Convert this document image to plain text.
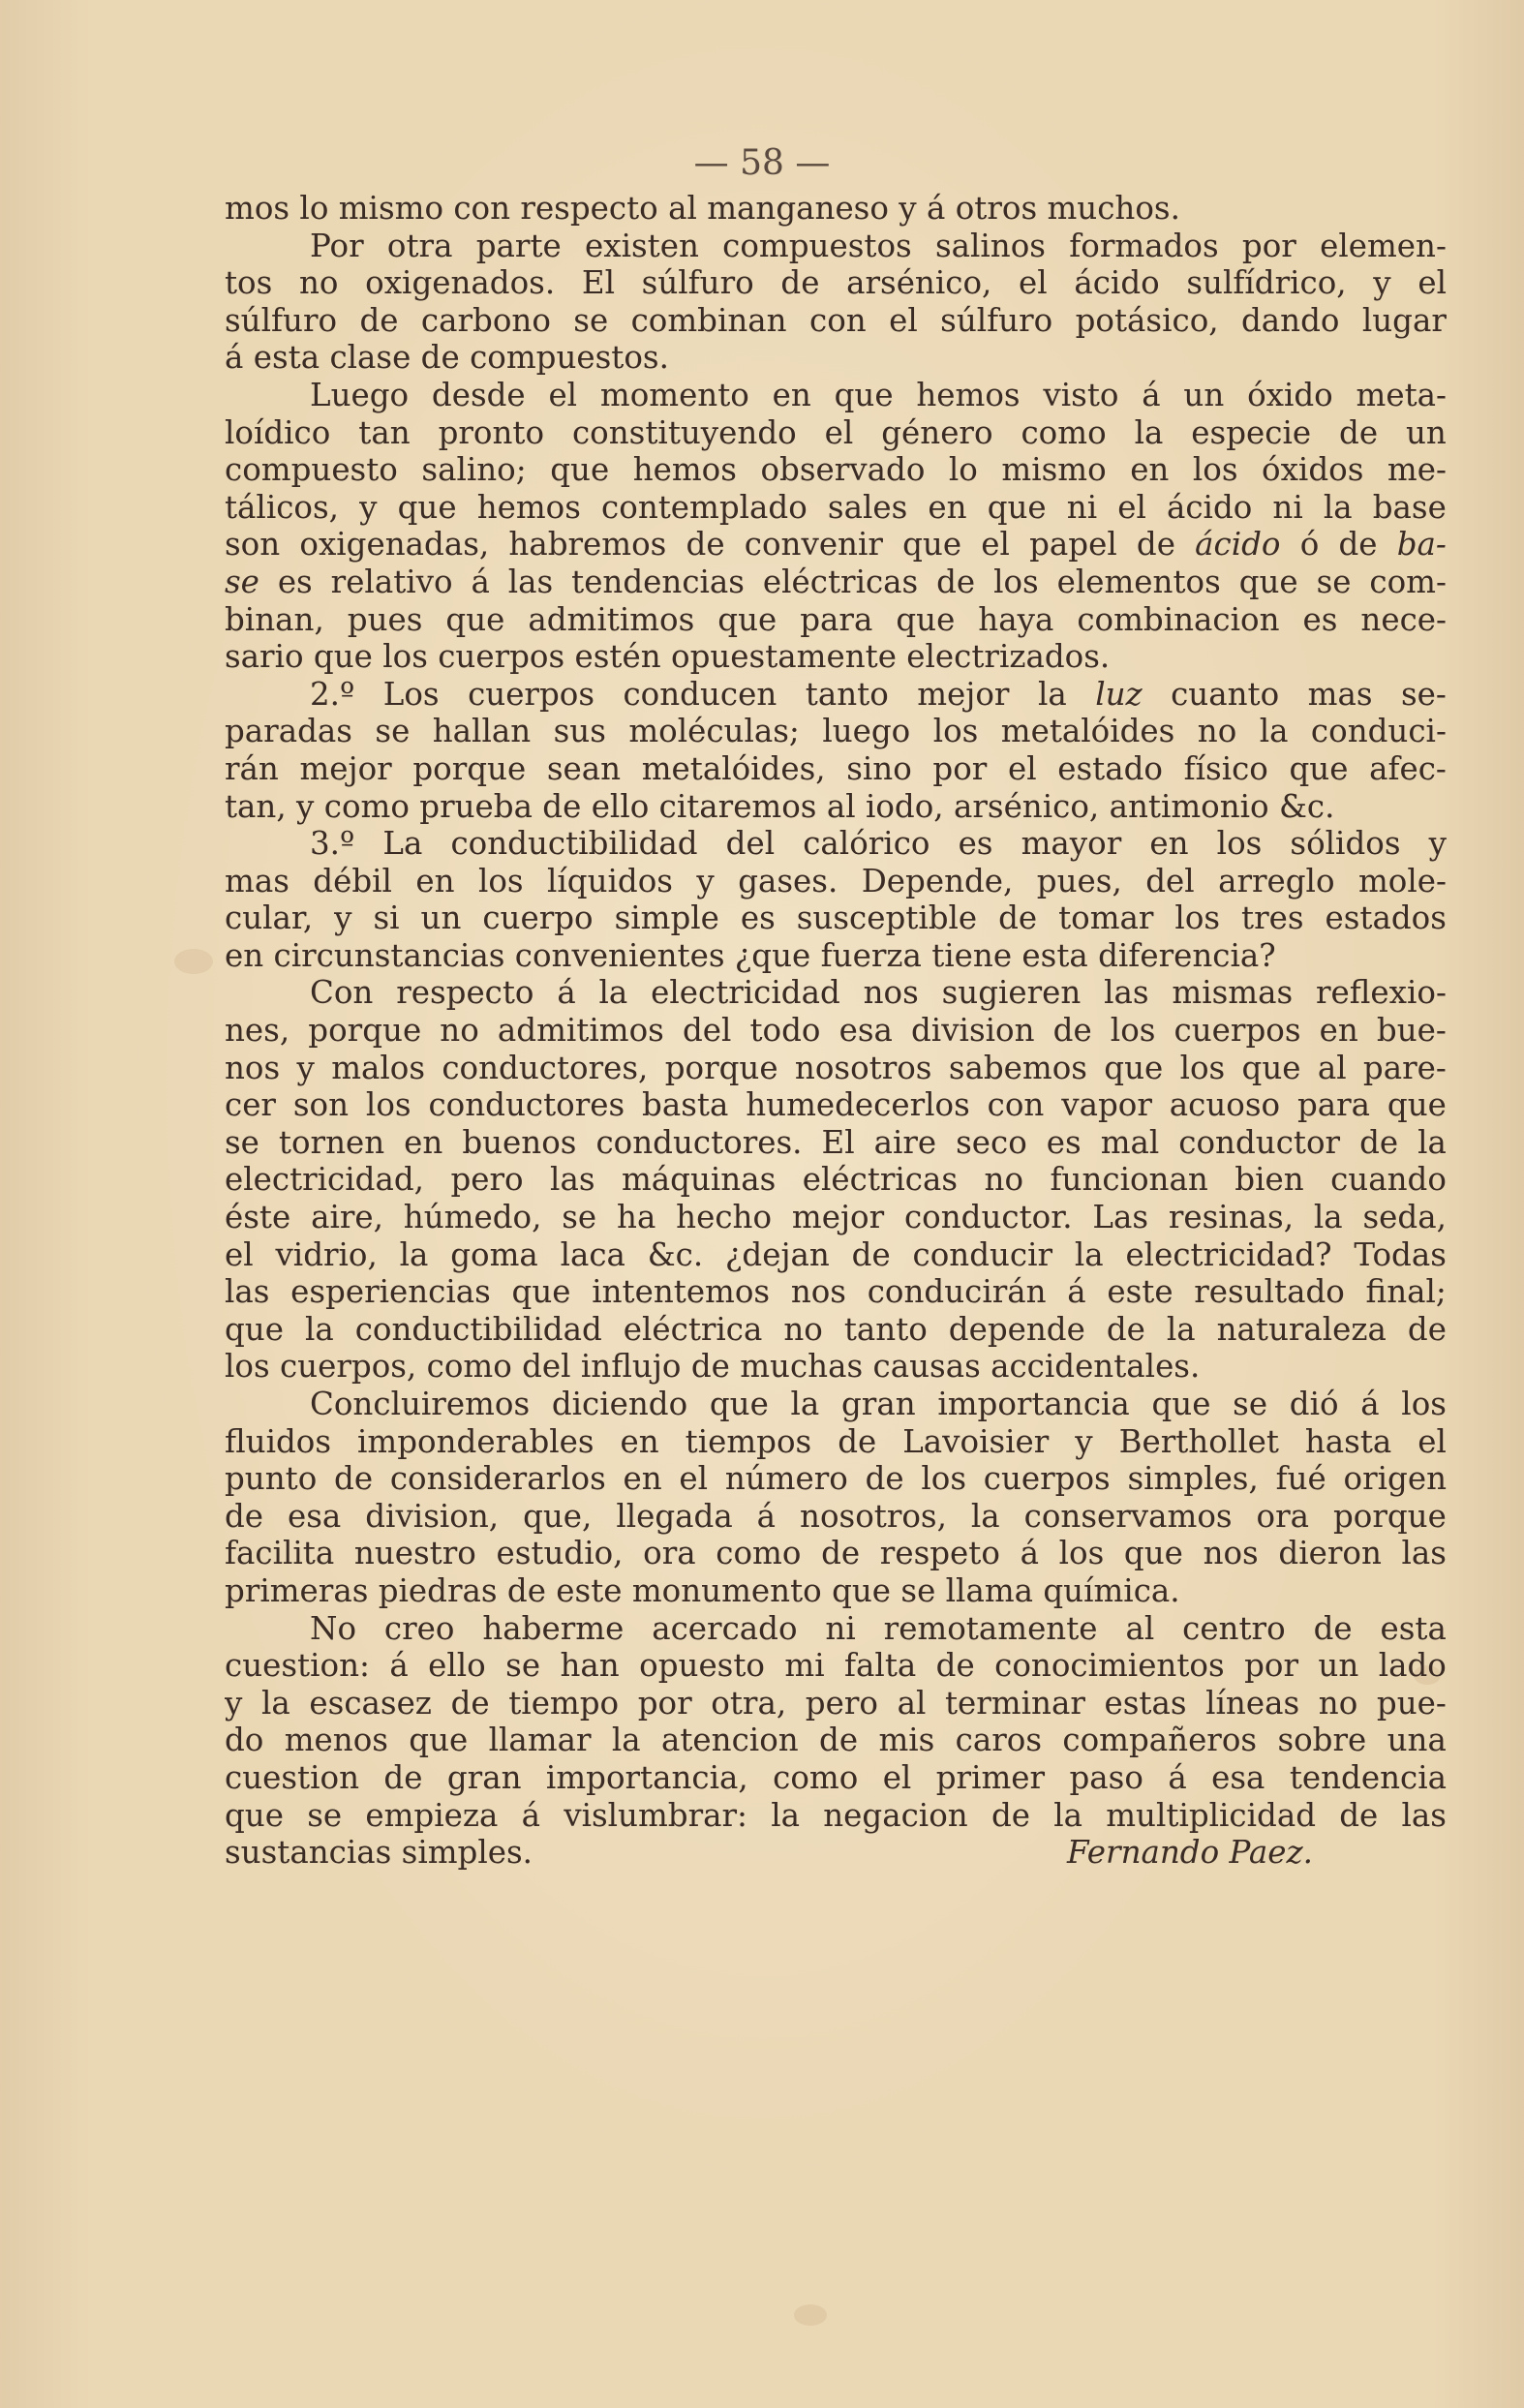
— 58 —
mos lo mismo con respecto al manganeso y á otros muchos.
Por otra parte existen compuestos salinos formados por elemen-
tos no oxigenados. El súlfuro de arsénico, el ácido sulfídrico, y el
súlfuro de carbono se combinan con el súlfuro potásico, dando lugar
á esta clase de compuestos.
Luego desde el momento en que hemos visto á un óxido meta-
loídico tan pronto constituyendo el género como la especie de un
compuesto salino; que hemos observado lo mismo en los óxidos me-
tálicos, y que hemos contemplado sales en que ni el ácido ni la base
son oxigenadas, habremos de convenir que el papel de ácido ó de ba-
se es relativo á las tendencias eléctricas de los elementos que se com-
binan, pues que admitimos que para que haya combinacion es nece-
sario que los cuerpos estén opuestamente electrizados.
2.º Los cuerpos conducen tanto mejor la luz cuanto mas se-
paradas se hallan sus moléculas; luego los metalóides no la conduci-
rán mejor porque sean metalóides, sino por el estado físico que afec-
tan, y como prueba de ello citaremos al iodo, arsénico, antimonio &c.
3.º La conductibilidad del calórico es mayor en los sólidos y
mas débil en los líquidos y gases. Depende, pues, del arreglo mole-
cular, y si un cuerpo simple es susceptible de tomar los tres estados
en circunstancias convenientes ¿que fuerza tiene esta diferencia?
Con respecto á la electricidad nos sugieren las mismas reflexio-
nes, porque no admitimos del todo esa division de los cuerpos en bue-
nos y malos conductores, porque nosotros sabemos que los que al pare-
cer son los conductores basta humedecerlos con vapor acuoso para que
se tornen en buenos conductores. El aire seco es mal conductor de la
electricidad, pero las máquinas eléctricas no funcionan bien cuando
éste aire, húmedo, se ha hecho mejor conductor. Las resinas, la seda,
el vidrio, la goma laca &c. ¿dejan de conducir la electricidad? Todas
las esperiencias que intentemos nos conducirán á este resultado final;
que la conductibilidad eléctrica no tanto depende de la naturaleza de
los cuerpos, como del influjo de muchas causas accidentales.
Concluiremos diciendo que la gran importancia que se dió á los
fluidos imponderables en tiempos de Lavoisier y Berthollet hasta el
punto de considerarlos en el número de los cuerpos simples, fué origen
de esa division, que, llegada á nosotros, la conservamos ora porque
facilita nuestro estudio, ora como de respeto á los que nos dieron las
primeras piedras de este monumento que se llama química.
No creo haberme acercado ni remotamente al centro de esta
cuestion: á ello se han opuesto mi falta de conocimientos por un lado
y la escasez de tiempo por otra, pero al terminar estas líneas no pue-
do menos que llamar la atencion de mis caros compañeros sobre una
cuestion de gran importancia, como el primer paso á esa tendencia
que se empieza á vislumbrar: la negacion de la multiplicidad de las
sustancias simples.	Fernando Paez.
